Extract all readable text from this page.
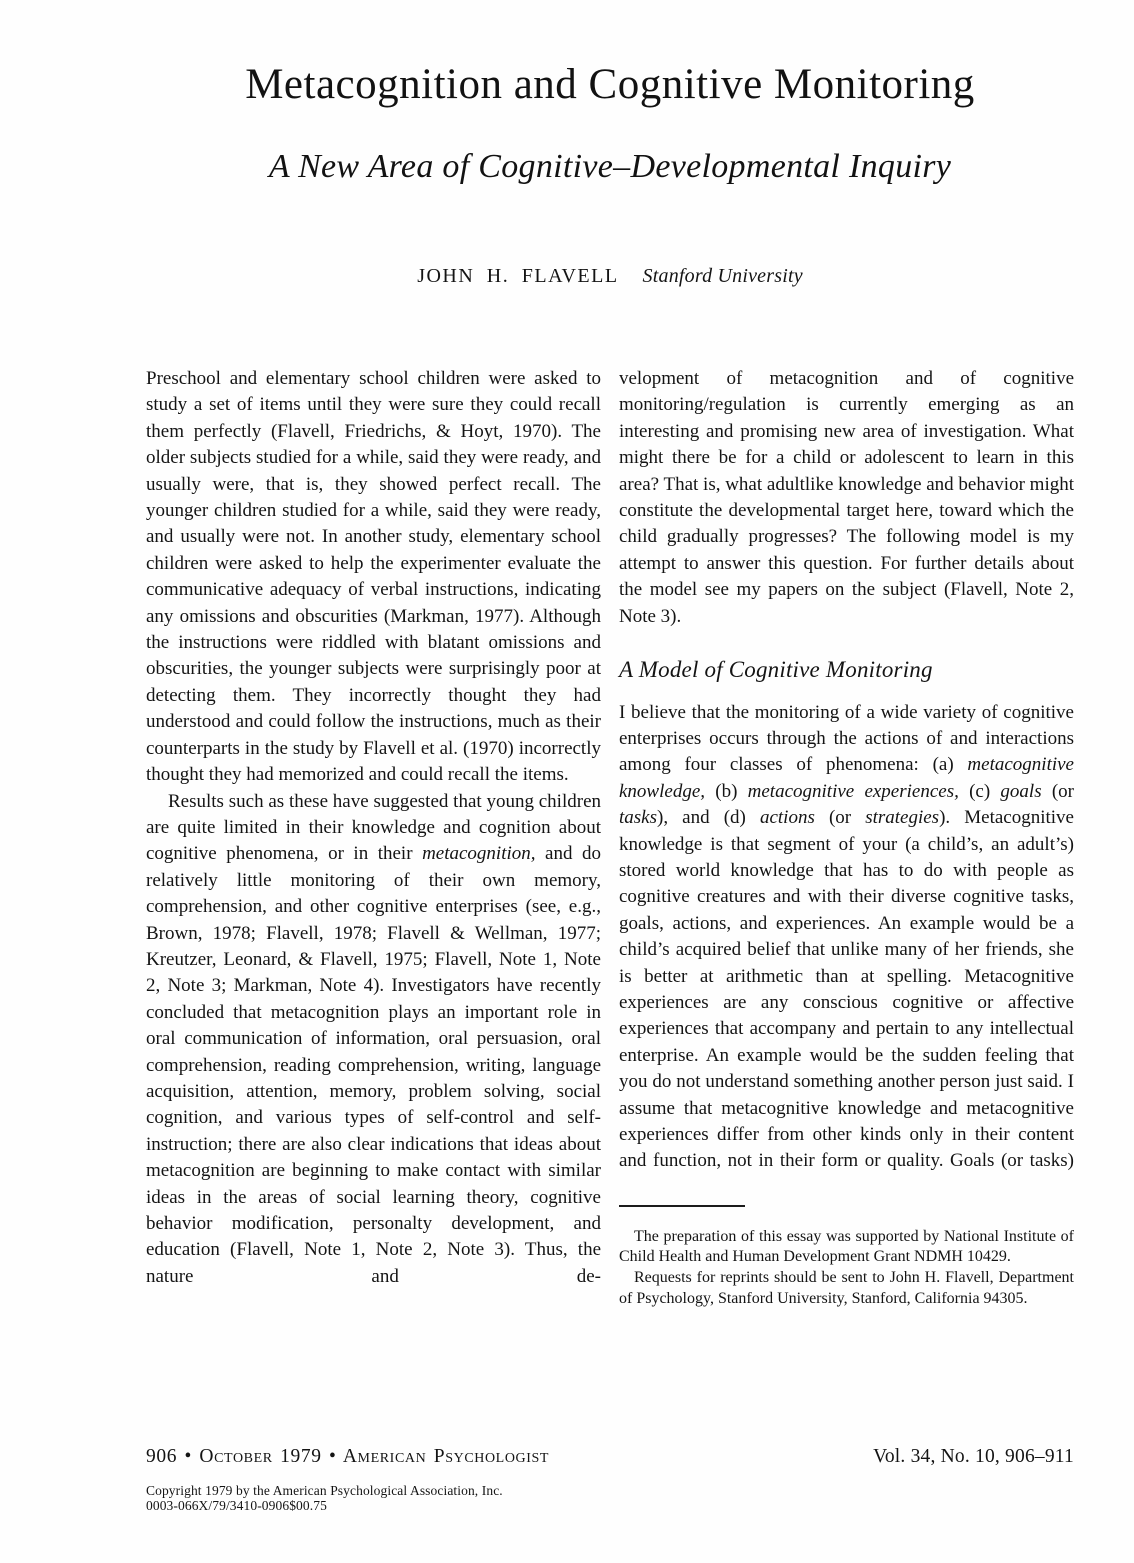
Metacognition and Cognitive Monitoring
A New Area of Cognitive–Developmental Inquiry
JOHN H. FLAVELL Stanford University

Preschool and elementary school children were asked to study a set of items until they were sure they could recall them perfectly (Flavell, Friedrichs, & Hoyt, 1970). The older subjects studied for a while, said they were ready, and usually were, that is, they showed perfect recall. The younger children studied for a while, said they were ready, and usually were not. In another study, elementary school children were asked to help the experimenter evaluate the communicative adequacy of verbal instructions, indicating any omissions and obscurities (Markman, 1977). Although the instructions were riddled with blatant omissions and obscurities, the younger subjects were surprisingly poor at detecting them. They incorrectly thought they had understood and could follow the instructions, much as their counterparts in the study by Flavell et al. (1970) incorrectly thought they had memorized and could recall the items.

Results such as these have suggested that young children are quite limited in their knowledge and cognition about cognitive phenomena, or in their metacognition, and do relatively little monitoring of their own memory, comprehension, and other cognitive enterprises (see, e.g., Brown, 1978; Flavell, 1978; Flavell & Wellman, 1977; Kreutzer, Leonard, & Flavell, 1975; Flavell, Note 1, Note 2, Note 3; Markman, Note 4). Investigators have recently concluded that metacognition plays an important role in oral communication of information, oral persuasion, oral comprehension, reading comprehension, writing, language acquisition, attention, memory, problem solving, social cognition, and various types of self-control and self-instruction; there are also clear indications that ideas about metacognition are beginning to make contact with similar ideas in the areas of social learning theory, cognitive behavior modification, personalty development, and education (Flavell, Note 1, Note 2, Note 3). Thus, the nature and de-

velopment of metacognition and of cognitive monitoring/regulation is currently emerging as an interesting and promising new area of investigation. What might there be for a child or adolescent to learn in this area? That is, what adultlike knowledge and behavior might constitute the developmental target here, toward which the child gradually progresses? The following model is my attempt to answer this question. For further details about the model see my papers on the subject (Flavell, Note 2, Note 3).

A Model of Cognitive Monitoring

I believe that the monitoring of a wide variety of cognitive enterprises occurs through the actions of and interactions among four classes of phenomena: (a) metacognitive knowledge, (b) metacognitive experiences, (c) goals (or tasks), and (d) actions (or strategies). Metacognitive knowledge is that segment of your (a child’s, an adult’s) stored world knowledge that has to do with people as cognitive creatures and with their diverse cognitive tasks, goals, actions, and experiences. An example would be a child’s acquired belief that unlike many of her friends, she is better at arithmetic than at spelling. Metacognitive experiences are any conscious cognitive or affective experiences that accompany and pertain to any intellectual enterprise. An example would be the sudden feeling that you do not understand something another person just said. I assume that metacognitive knowledge and metacognitive experiences differ from other kinds only in their content and function, not in their form or quality. Goals (or tasks)

The preparation of this essay was supported by National Institute of Child Health and Human Development Grant NDMH 10429.

Requests for reprints should be sent to John H. Flavell, Department of Psychology, Stanford University, Stanford, California 94305.

906 • October 1979 • American Psychologist	Vol. 34, No. 10, 906–911
Copyright 1979 by the American Psychological Association, Inc.
0003-066X/79/3410-0906$00.75
